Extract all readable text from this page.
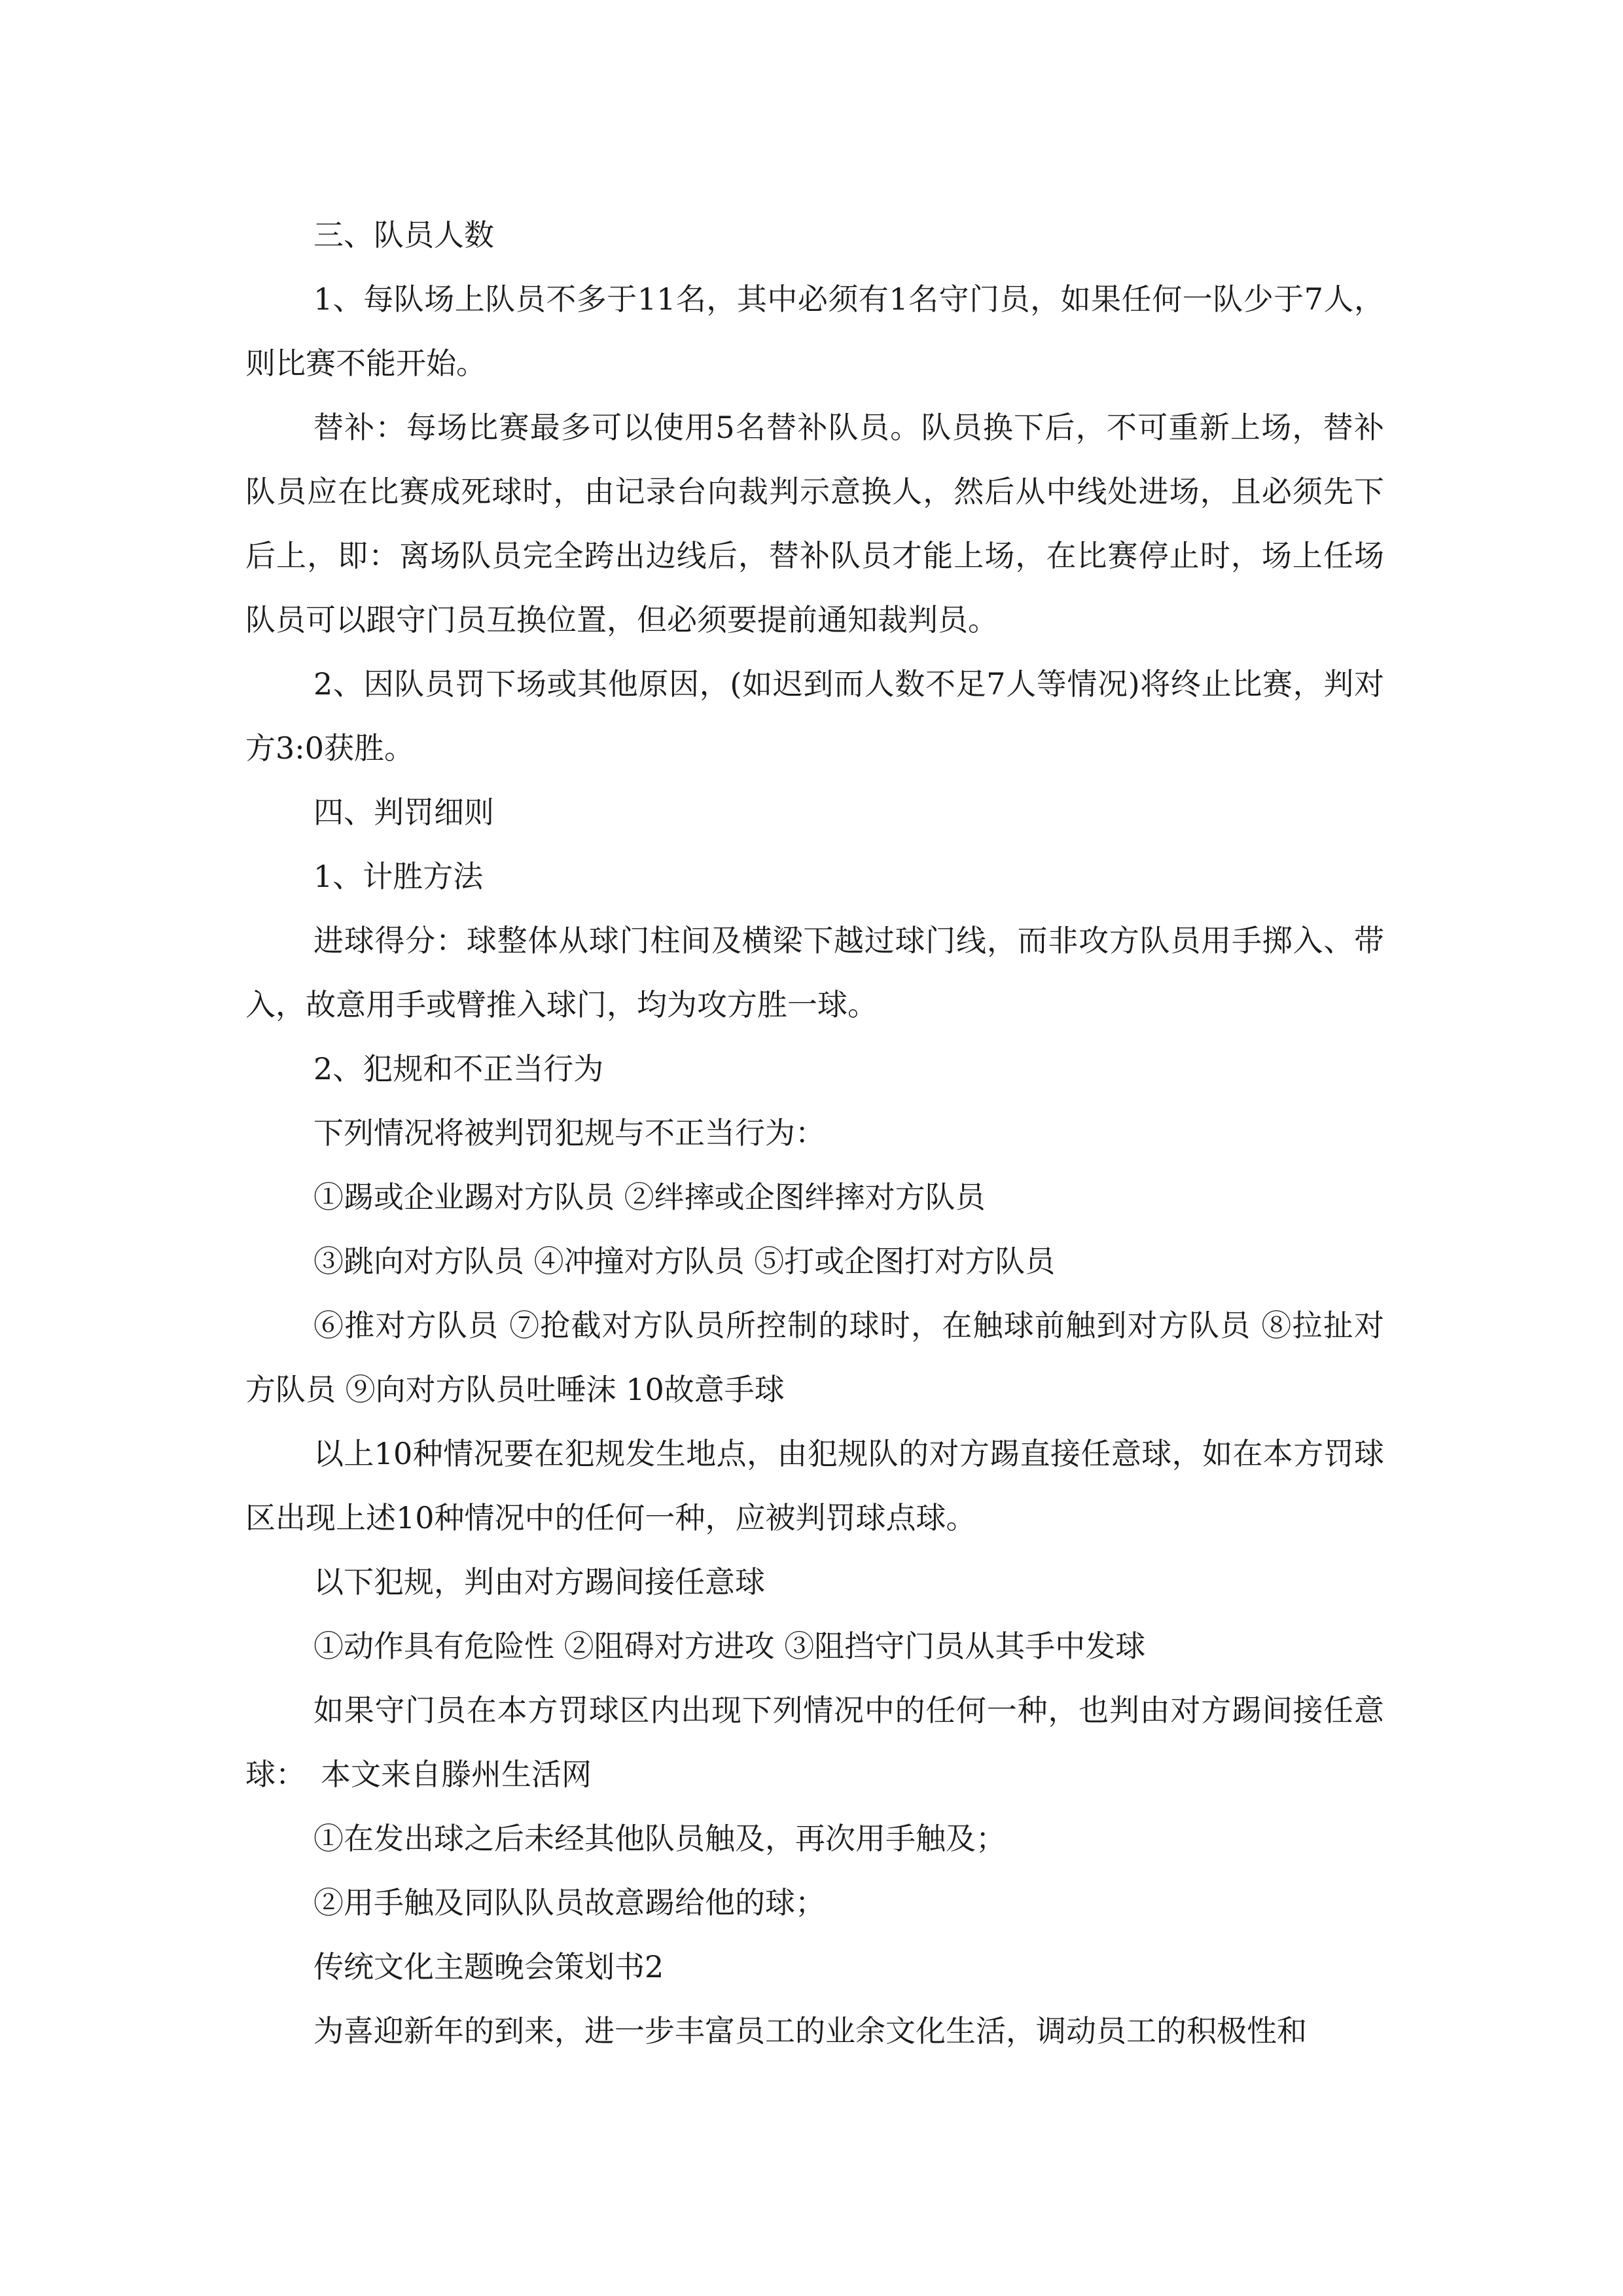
三、队员人数

1、每队场上队员不多于11名，其中必须有1名守门员，如果任何一队少于7人，则比赛不能开始。

替补：每场比赛最多可以使用5名替补队员。队员换下后，不可重新上场，替补队员应在比赛成死球时，由记录台向裁判示意换人，然后从中线处进场，且必须先下后上，即：离场队员完全跨出边线后，替补队员才能上场，在比赛停止时，场上任场队员可以跟守门员互换位置，但必须要提前通知裁判员。

2、因队员罚下场或其他原因，(如迟到而人数不足7人等情况)将终止比赛，判对方3:0获胜。

四、判罚细则

1、计胜方法

进球得分：球整体从球门柱间及横梁下越过球门线，而非攻方队员用手掷入、带入，故意用手或臂推入球门，均为攻方胜一球。

2、犯规和不正当行为

下列情况将被判罚犯规与不正当行为：

①踢或企业踢对方队员 ②绊摔或企图绊摔对方队员

③跳向对方队员 ④冲撞对方队员 ⑤打或企图打对方队员

⑥推对方队员 ⑦抢截对方队员所控制的球时，在触球前触到对方队员 ⑧拉扯对方队员 ⑨向对方队员吐唾沫 10故意手球

以上10种情况要在犯规发生地点，由犯规队的对方踢直接任意球，如在本方罚球区出现上述10种情况中的任何一种，应被判罚球点球。

以下犯规，判由对方踢间接任意球

①动作具有危险性 ②阻碍对方进攻 ③阻挡守门员从其手中发球

如果守门员在本方罚球区内出现下列情况中的任何一种，也判由对方踢间接任意球：　本文来自滕州生活网

①在发出球之后未经其他队员触及，再次用手触及；

②用手触及同队队员故意踢给他的球；

传统文化主题晚会策划书2

为喜迎新年的到来，进一步丰富员工的业余文化生活，调动员工的积极性和
